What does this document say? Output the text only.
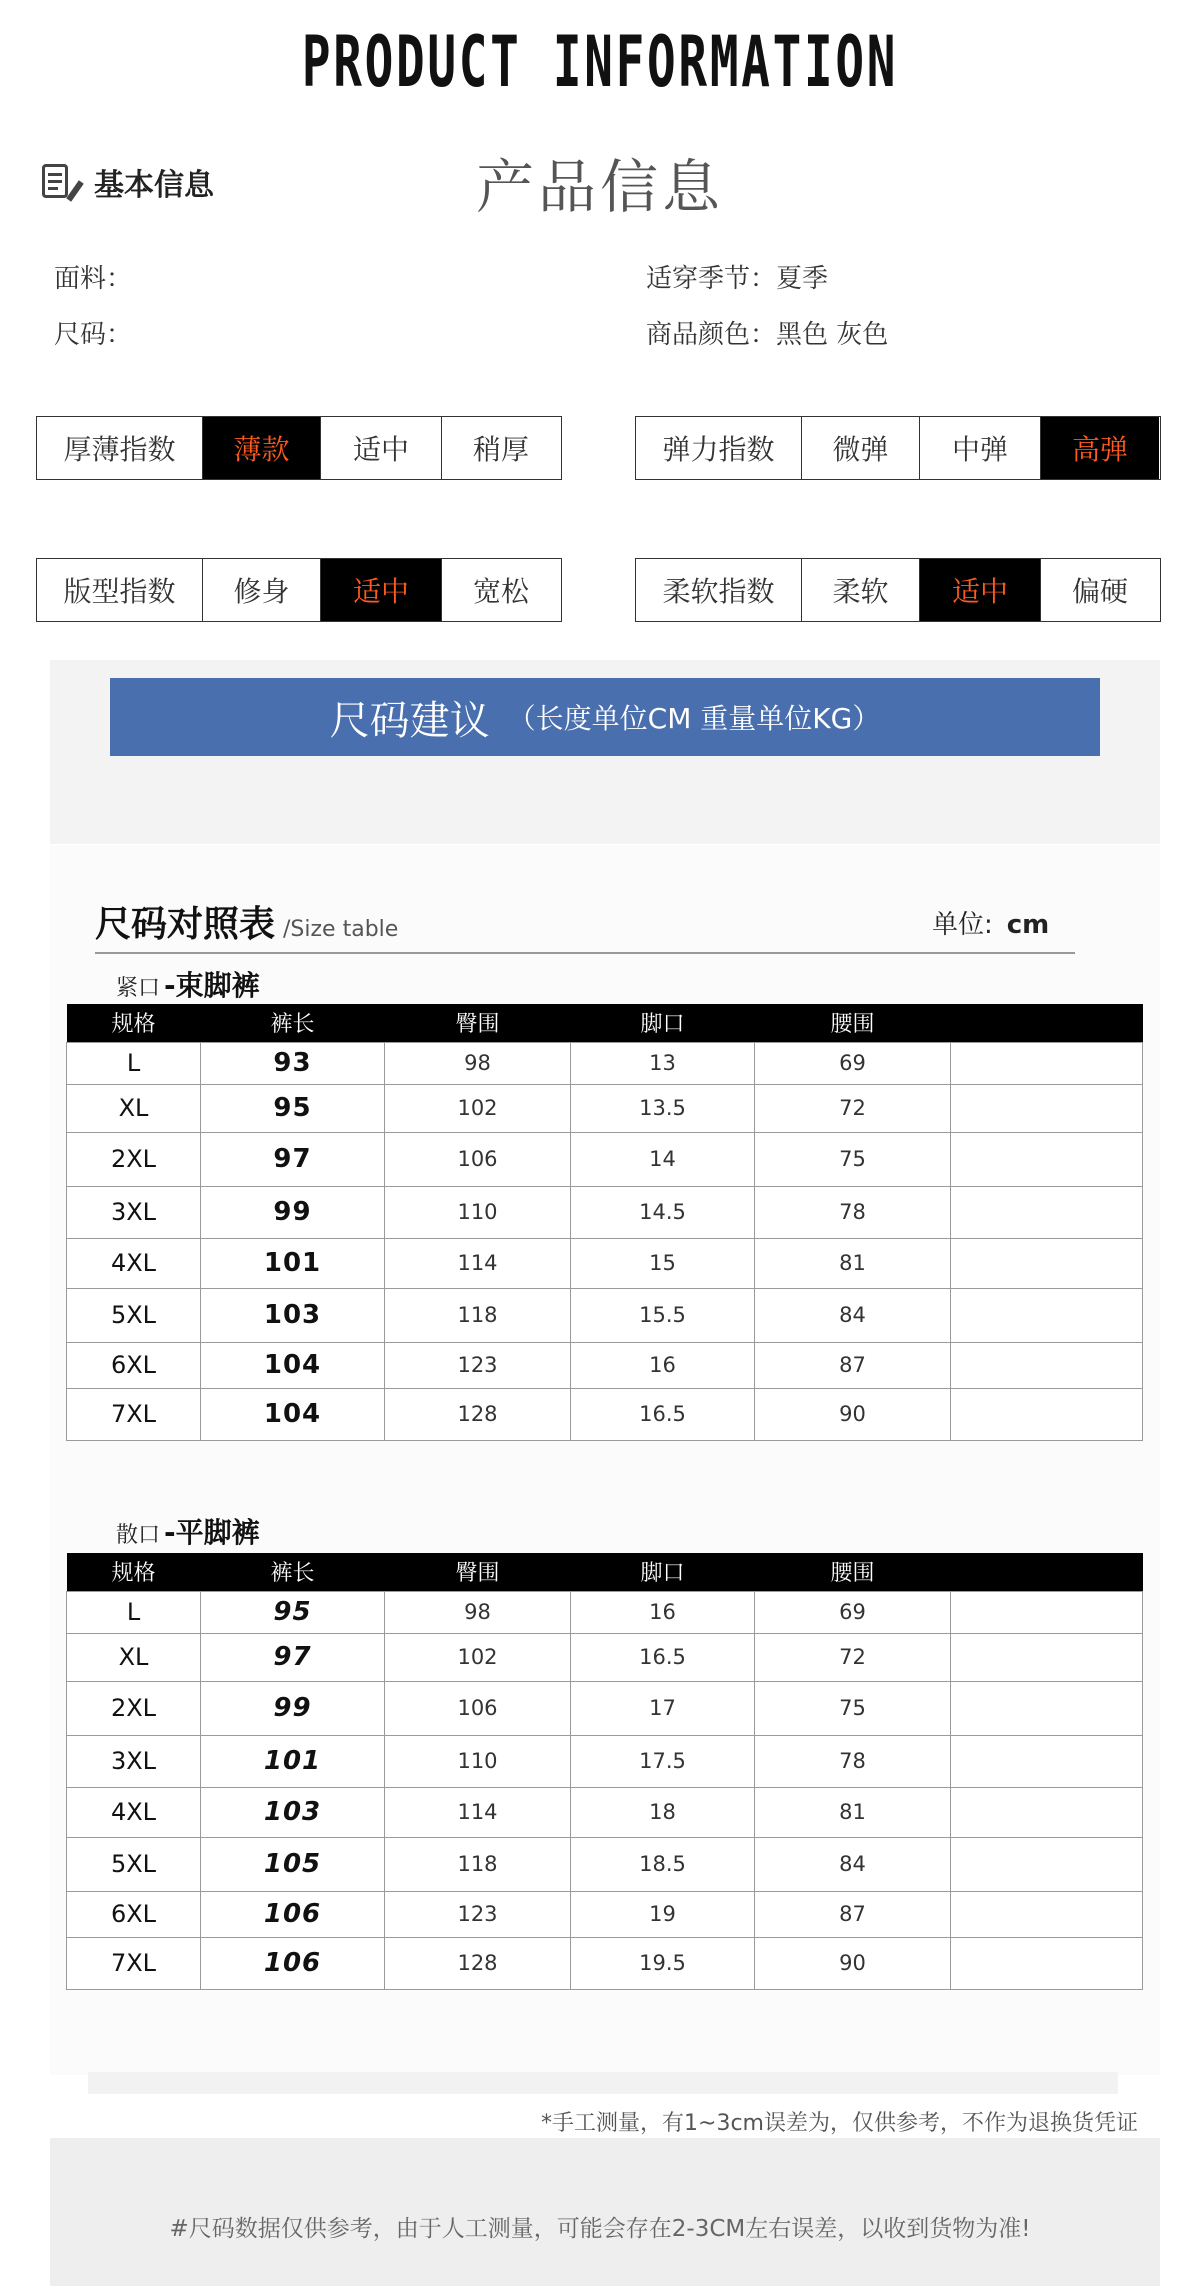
PRODUCT INFORMATION
产品信息
基本信息
面料：
尺码：
适穿季节：夏季
商品颜色：黑色 灰色
厚薄指数	薄款	适中	稍厚	弹力指数	微弹	中弹	高弹
版型指数	修身	适中	宽松	柔软指数	柔软	适中	偏硬
尺码建议 （长度单位CM 重量单位KG）
尺码对照表 /Size table	单位: cm
紧口 -束脚裤
规格	裤长	臀围	脚口	腰围	
L	93	98	13	69	
XL	95	102	13.5	72	
2XL	97	106	14	75	
3XL	99	110	14.5	78	
4XL	101	114	15	81	
5XL	103	118	15.5	84	
6XL	104	123	16	87	
7XL	104	128	16.5	90	
散口 -平脚裤
规格	裤长	臀围	脚口	腰围	
L	95	98	16	69	
XL	97	102	16.5	72	
2XL	99	106	17	75	
3XL	101	110	17.5	78	
4XL	103	114	18	81	
5XL	105	118	18.5	84	
6XL	106	123	19	87	
7XL	106	128	19.5	90	
*手工测量，有1~3cm误差为，仅供参考，不作为退换货凭证
#尺码数据仅供参考，由于人工测量，可能会存在2-3CM左右误差，以收到货物为准!
